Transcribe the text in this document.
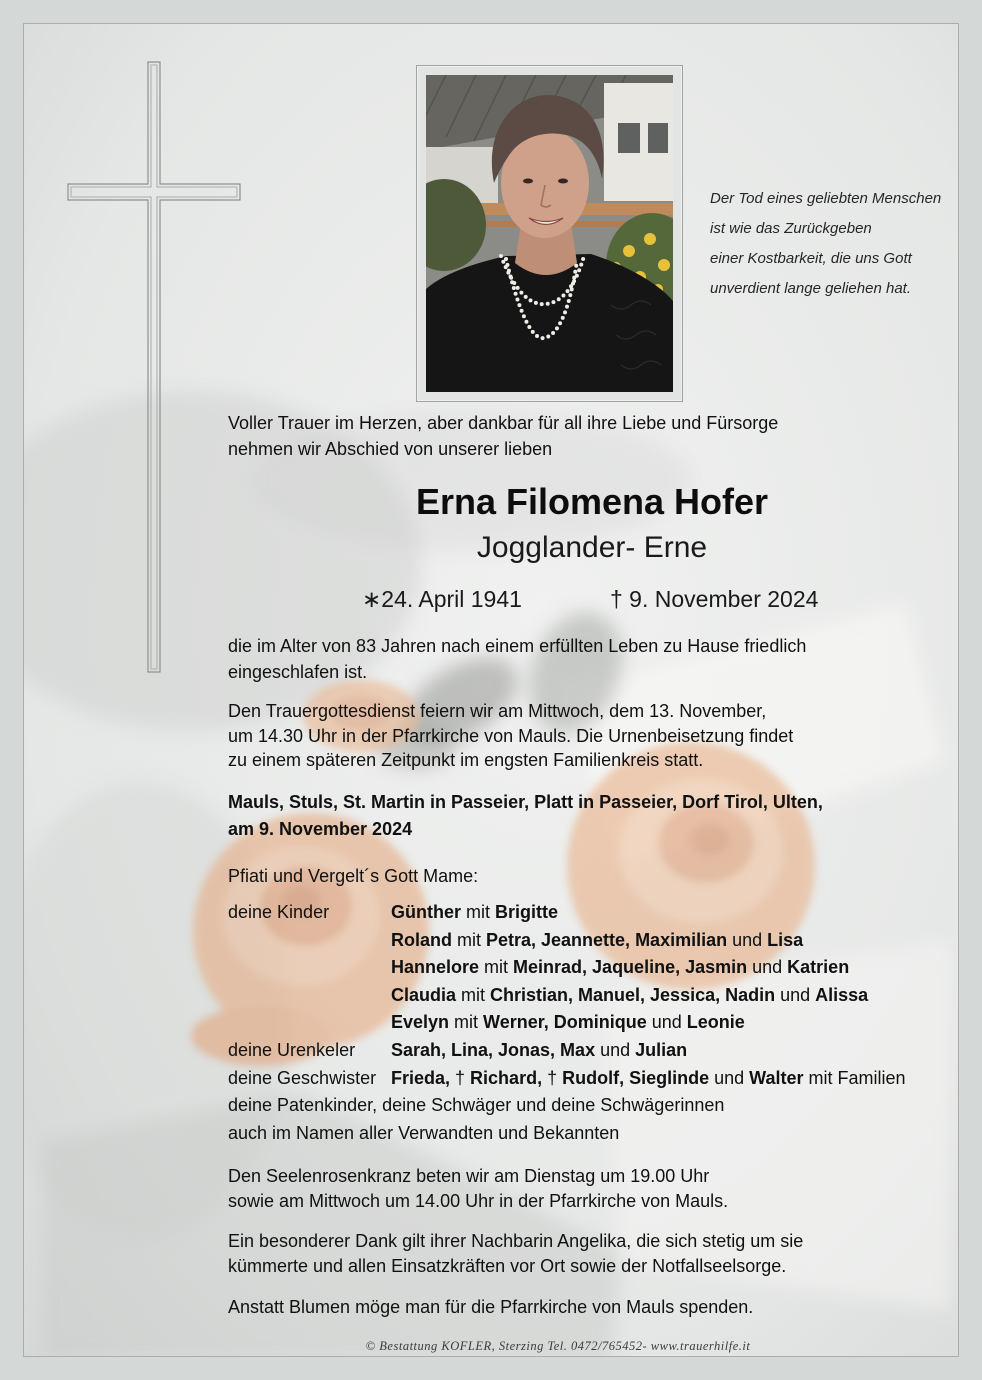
Der Tod eines geliebten Menschen
ist wie das Zurückgeben
einer Kostbarkeit, die uns Gott
unverdient lange geliehen hat.
Voller Trauer im Herzen, aber dankbar für all ihre Liebe und Fürsorge
nehmen wir Abschied von unserer lieben
Erna Filomena Hofer
Jogglander- Erne
∗24. April 1941	† 9. November 2024
die im Alter von 83 Jahren nach einem erfüllten Leben zu Hause friedlich
eingeschlafen ist.
Den Trauergottesdienst feiern wir am Mittwoch, dem 13. November,
um 14.30 Uhr in der Pfarrkirche von Mauls. Die Urnenbeisetzung findet
zu einem späteren Zeitpunkt im engsten Familienkreis statt.
Mauls, Stuls, St. Martin in Passeier, Platt in Passeier, Dorf Tirol, Ulten,
am 9. November 2024
Pfiati und Vergelt´s Gott Mame:
deine Kinder	Günther mit Brigitte
Roland mit Petra, Jeannette, Maximilian und Lisa
Hannelore mit Meinrad, Jaqueline, Jasmin und Katrien
Claudia mit Christian, Manuel, Jessica, Nadin und Alissa
Evelyn mit Werner, Dominique und Leonie
deine Urenkeler	Sarah, Lina, Jonas, Max und Julian
deine Geschwister Frieda, † Richard, † Rudolf, Sieglinde und Walter mit Familien
deine Patenkinder, deine Schwäger und deine Schwägerinnen
auch im Namen aller Verwandten und Bekannten
Den Seelenrosenkranz beten wir am Dienstag um 19.00 Uhr
sowie am Mittwoch um 14.00 Uhr in der Pfarrkirche von Mauls.
Ein besonderer Dank gilt ihrer Nachbarin Angelika, die sich stetig um sie
kümmerte und allen Einsatzkräften vor Ort sowie der Notfallseelsorge.
Anstatt Blumen möge man für die Pfarrkirche von Mauls spenden.
© Bestattung KOFLER, Sterzing Tel. 0472/765452- www.trauerhilfe.it
